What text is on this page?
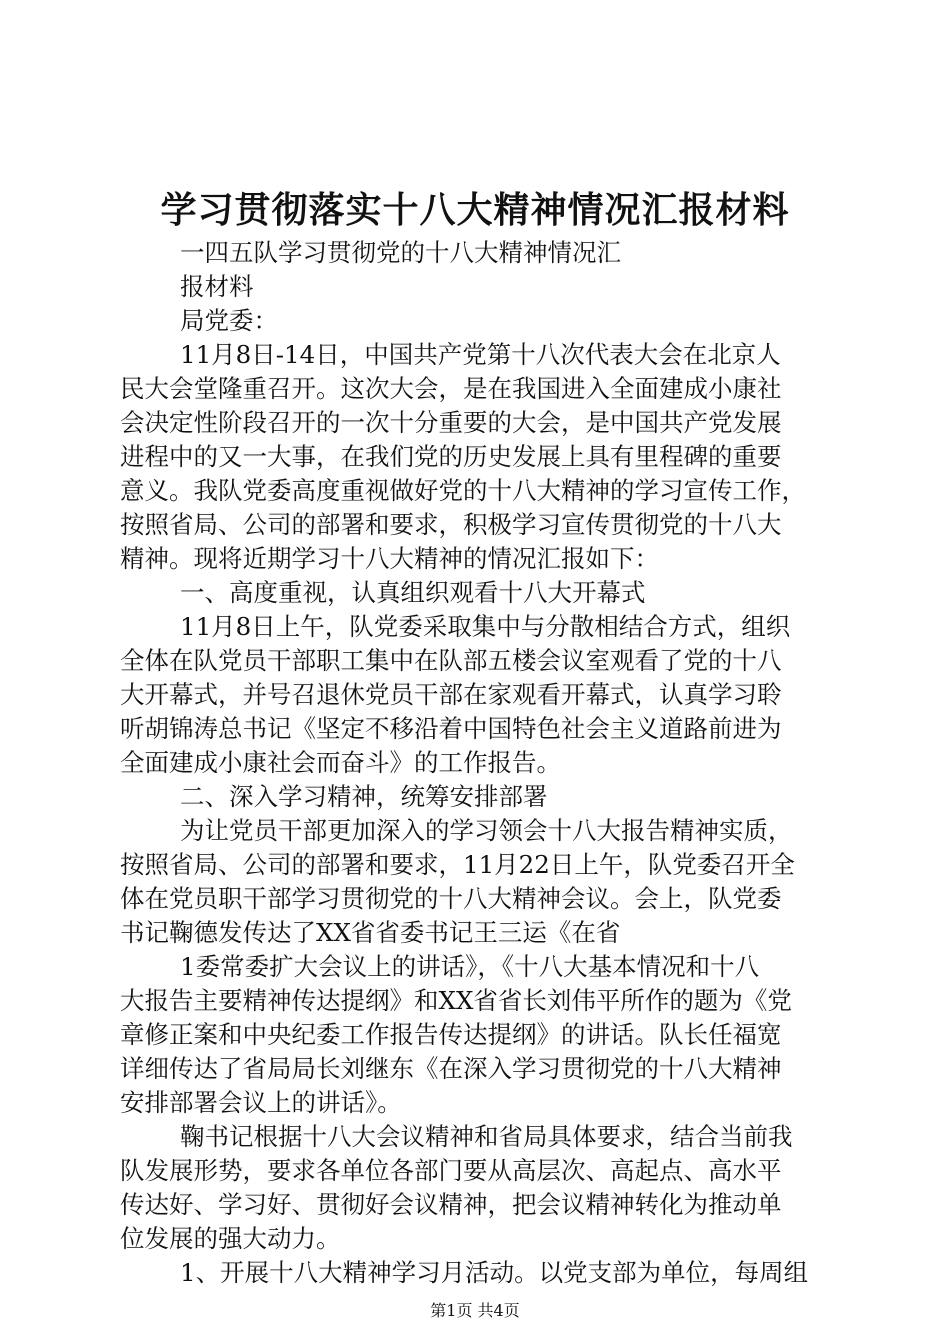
学习贯彻落实十八大精神情况汇报材料
一四五队学习贯彻党的十八大精神情况汇
报材料
局党委：
11月8日-14日，中国共产党第十八次代表大会在北京人
民大会堂隆重召开。这次大会，是在我国进入全面建成小康社
会决定性阶段召开的一次十分重要的大会，是中国共产党发展
进程中的又一大事，在我们党的历史发展上具有里程碑的重要
意义。我队党委高度重视做好党的十八大精神的学习宣传工作，
按照省局、公司的部署和要求，积极学习宣传贯彻党的十八大
精神。现将近期学习十八大精神的情况汇报如下：
一、高度重视，认真组织观看十八大开幕式
11月8日上午，队党委采取集中与分散相结合方式，组织
全体在队党员干部职工集中在队部五楼会议室观看了党的十八
大开幕式，并号召退休党员干部在家观看开幕式，认真学习聆
听胡锦涛总书记《坚定不移沿着中国特色社会主义道路前进为
全面建成小康社会而奋斗》的工作报告。
二、深入学习精神，统筹安排部署
为让党员干部更加深入的学习领会十八大报告精神实质，
按照省局、公司的部署和要求，11月22日上午，队党委召开全
体在党员职干部学习贯彻党的十八大精神会议。会上，队党委
书记鞠德发传达了XX省省委书记王三运《在省
1委常委扩大会议上的讲话》，《十八大基本情况和十八
大报告主要精神传达提纲》和XX省省长刘伟平所作的题为《党
章修正案和中央纪委工作报告传达提纲》的讲话。队长任福宽
详细传达了省局局长刘继东《在深入学习贯彻党的十八大精神
安排部署会议上的讲话》。
鞠书记根据十八大会议精神和省局具体要求，结合当前我
队发展形势，要求各单位各部门要从高层次、高起点、高水平
传达好、学习好、贯彻好会议精神，把会议精神转化为推动单
位发展的强大动力。
1、开展十八大精神学习月活动。以党支部为单位，每周组
第1页 共4页
